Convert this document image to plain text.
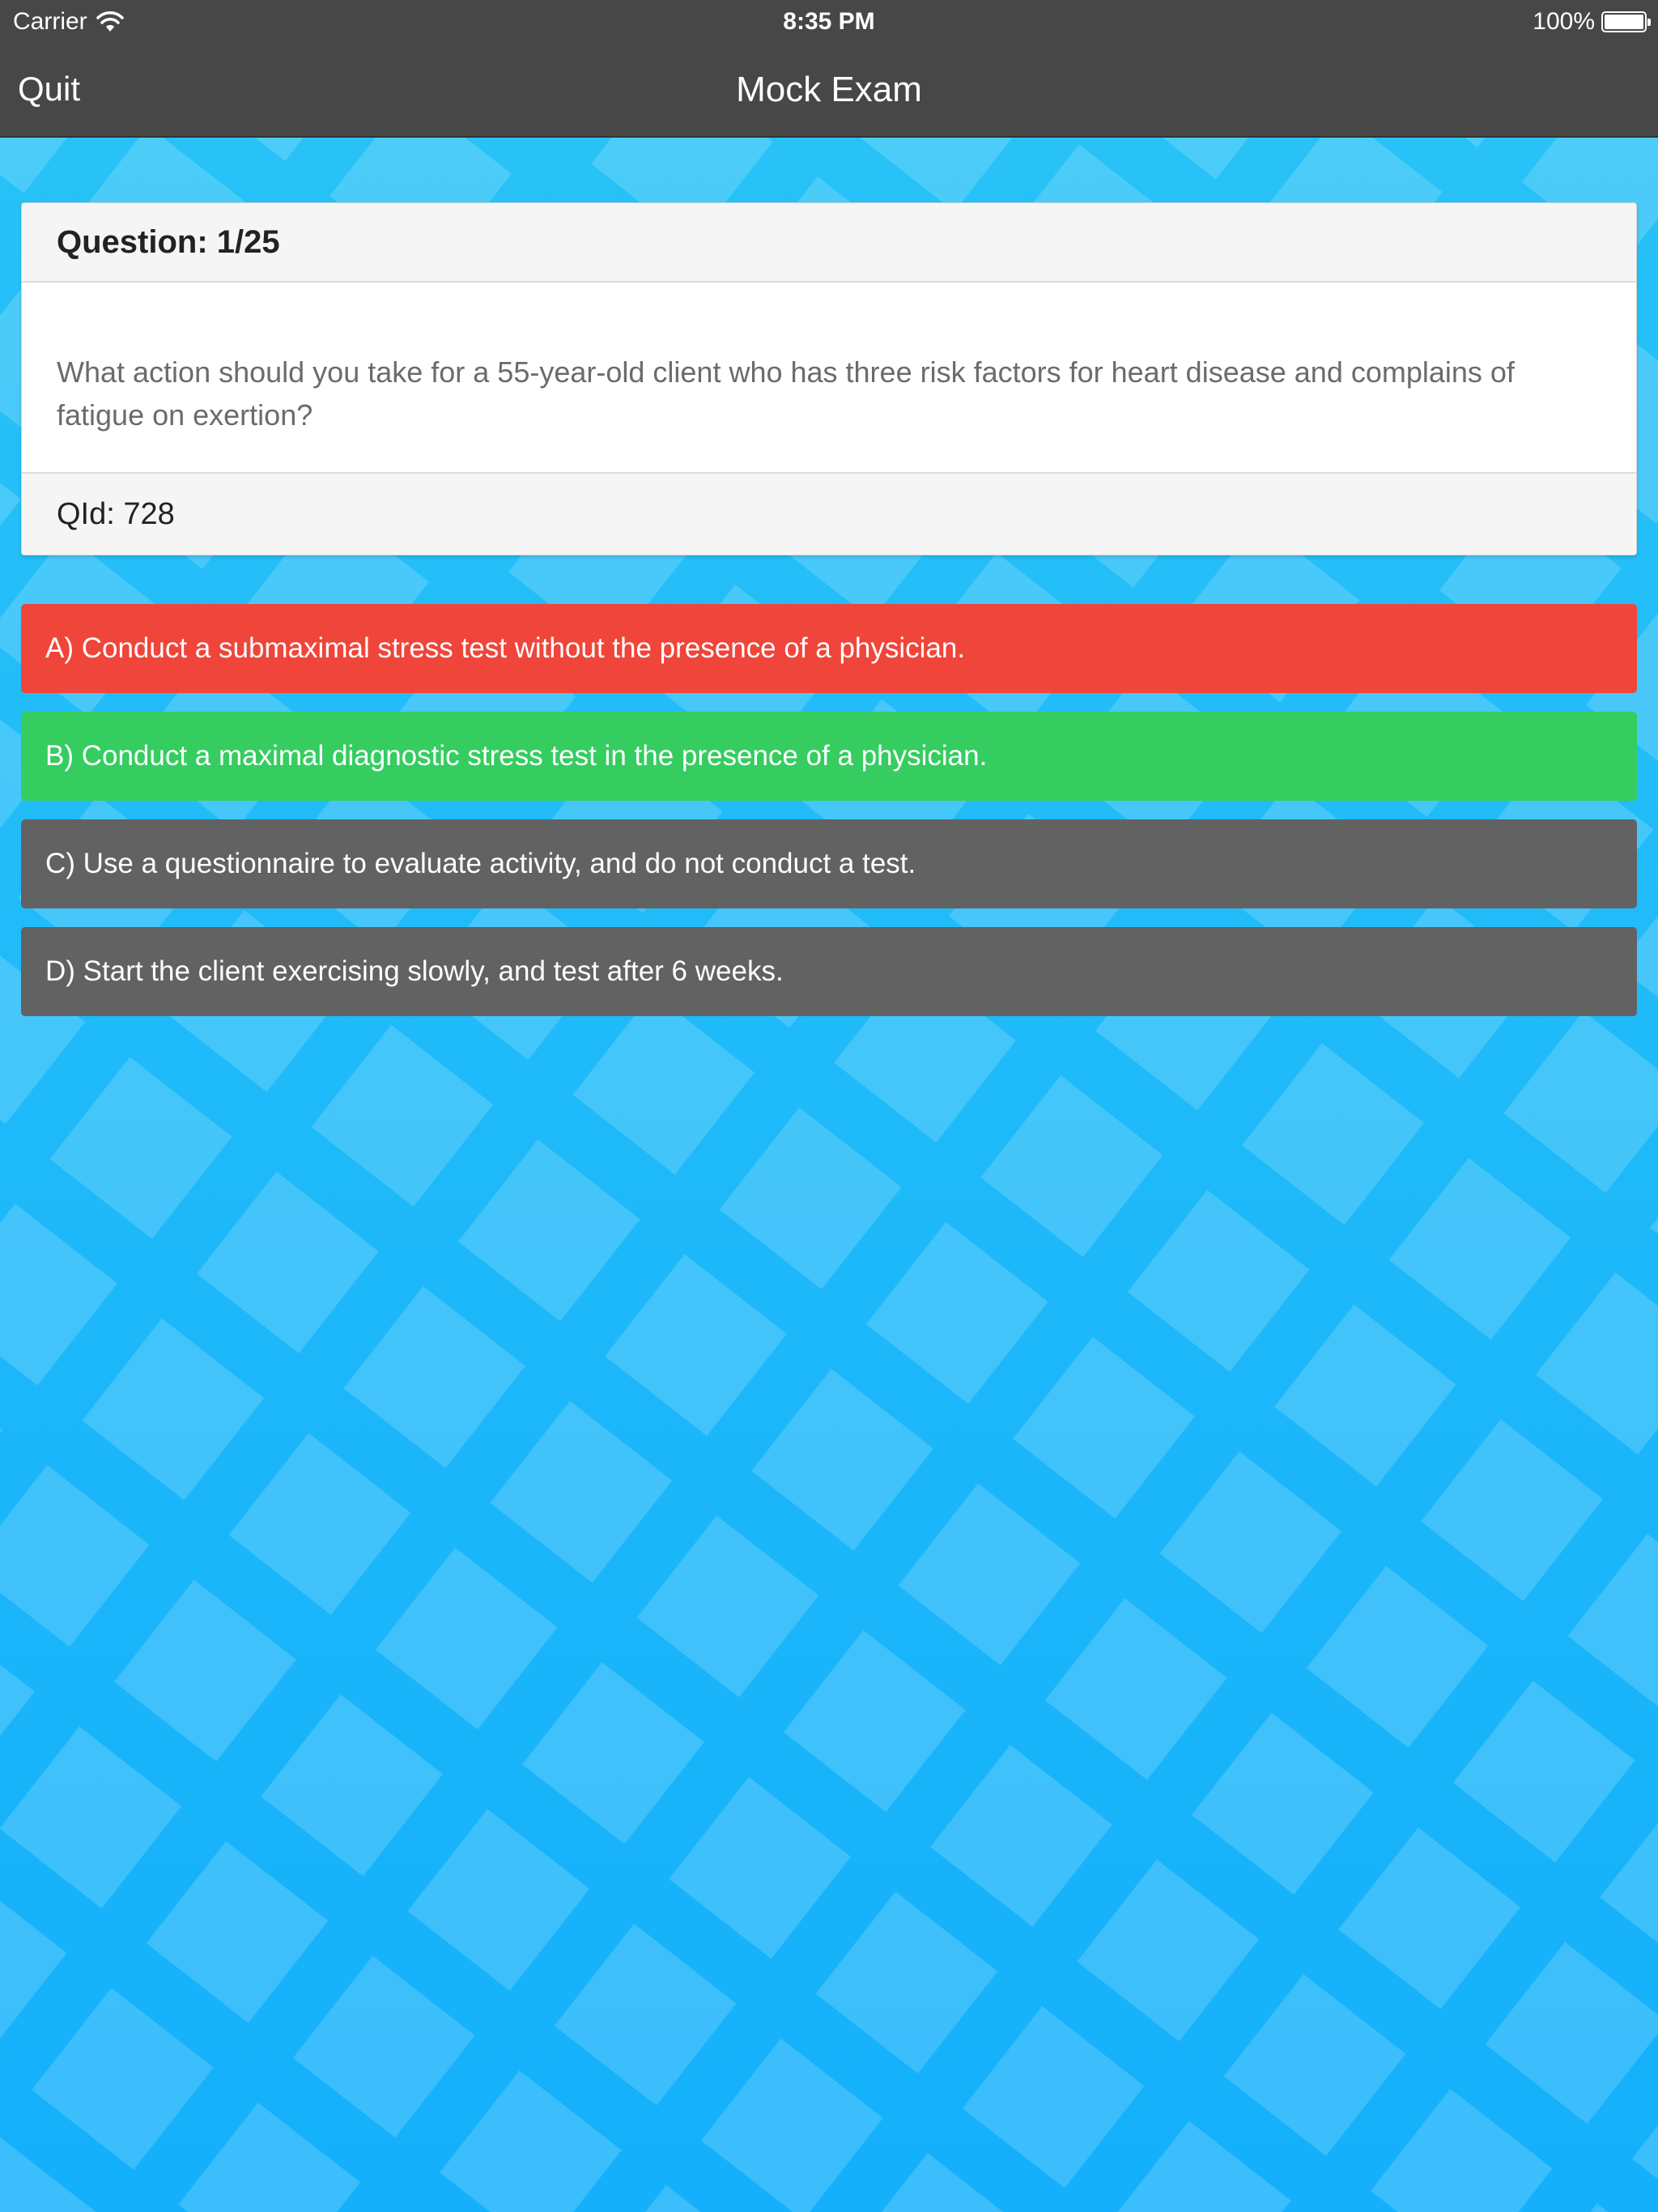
Carrier	8:35 PM	100%
Quit	Mock Exam
Question: 1/25
What action should you take for a 55-year-old client who has three risk factors for heart disease and complains of fatigue on exertion?
QId: 728
A) Conduct a submaximal stress test without the presence of a physician.
B) Conduct a maximal diagnostic stress test in the presence of a physician.
C) Use a questionnaire to evaluate activity, and do not conduct a test.
D) Start the client exercising slowly, and test after 6 weeks.
